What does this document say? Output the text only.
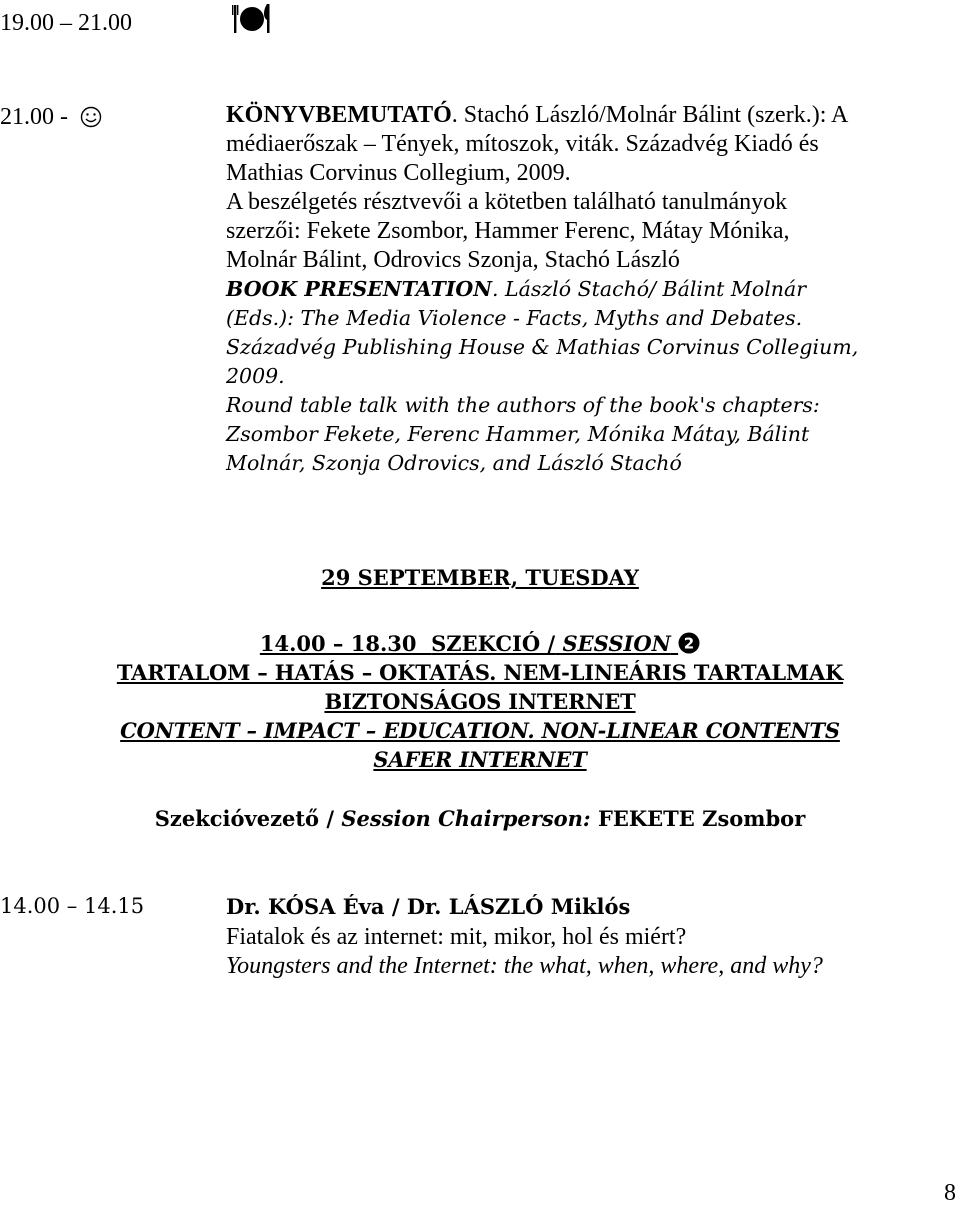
19.00 – 21.00
21.00 -	KÖNYVBEMUTATÓ. Stachó László/Molnár Bálint (szerk.): A
médiaerőszak – Tények, mítoszok, viták. Századvég Kiadó és
Mathias Corvinus Collegium, 2009.
A beszélgetés résztvevői a kötetben található tanulmányok
szerzői: Fekete Zsombor, Hammer Ferenc, Mátay Mónika,
Molnár Bálint, Odrovics Szonja, Stachó László
BOOK PRESENTATION. László Stachó/ Bálint Molnár
(Eds.): The Media Violence - Facts, Myths and Debates.
Századvég Publishing House & Mathias Corvinus Collegium,
2009.
Round table talk with the authors of the book's chapters:
Zsombor Fekete, Ferenc Hammer, Mónika Mátay, Bálint
Molnár, Szonja Odrovics, and László Stachó
29 SEPTEMBER, TUESDAY
14.00 – 18.30 SZEKCIÓ / SESSION 2
TARTALOM – HATÁS – OKTATÁS. NEM-LINEÁRIS TARTALMAK
BIZTONSÁGOS INTERNET
CONTENT – IMPACT – EDUCATION. NON-LINEAR CONTENTS
SAFER INTERNET
Szekcióvezető / Session Chairperson: FEKETE Zsombor
14.00 – 14.15	Dr. KÓSA Éva / Dr. LÁSZLÓ Miklós
Fiatalok és az internet: mit, mikor, hol és miért?
Youngsters and the Internet: the what, when, where, and why?
8
